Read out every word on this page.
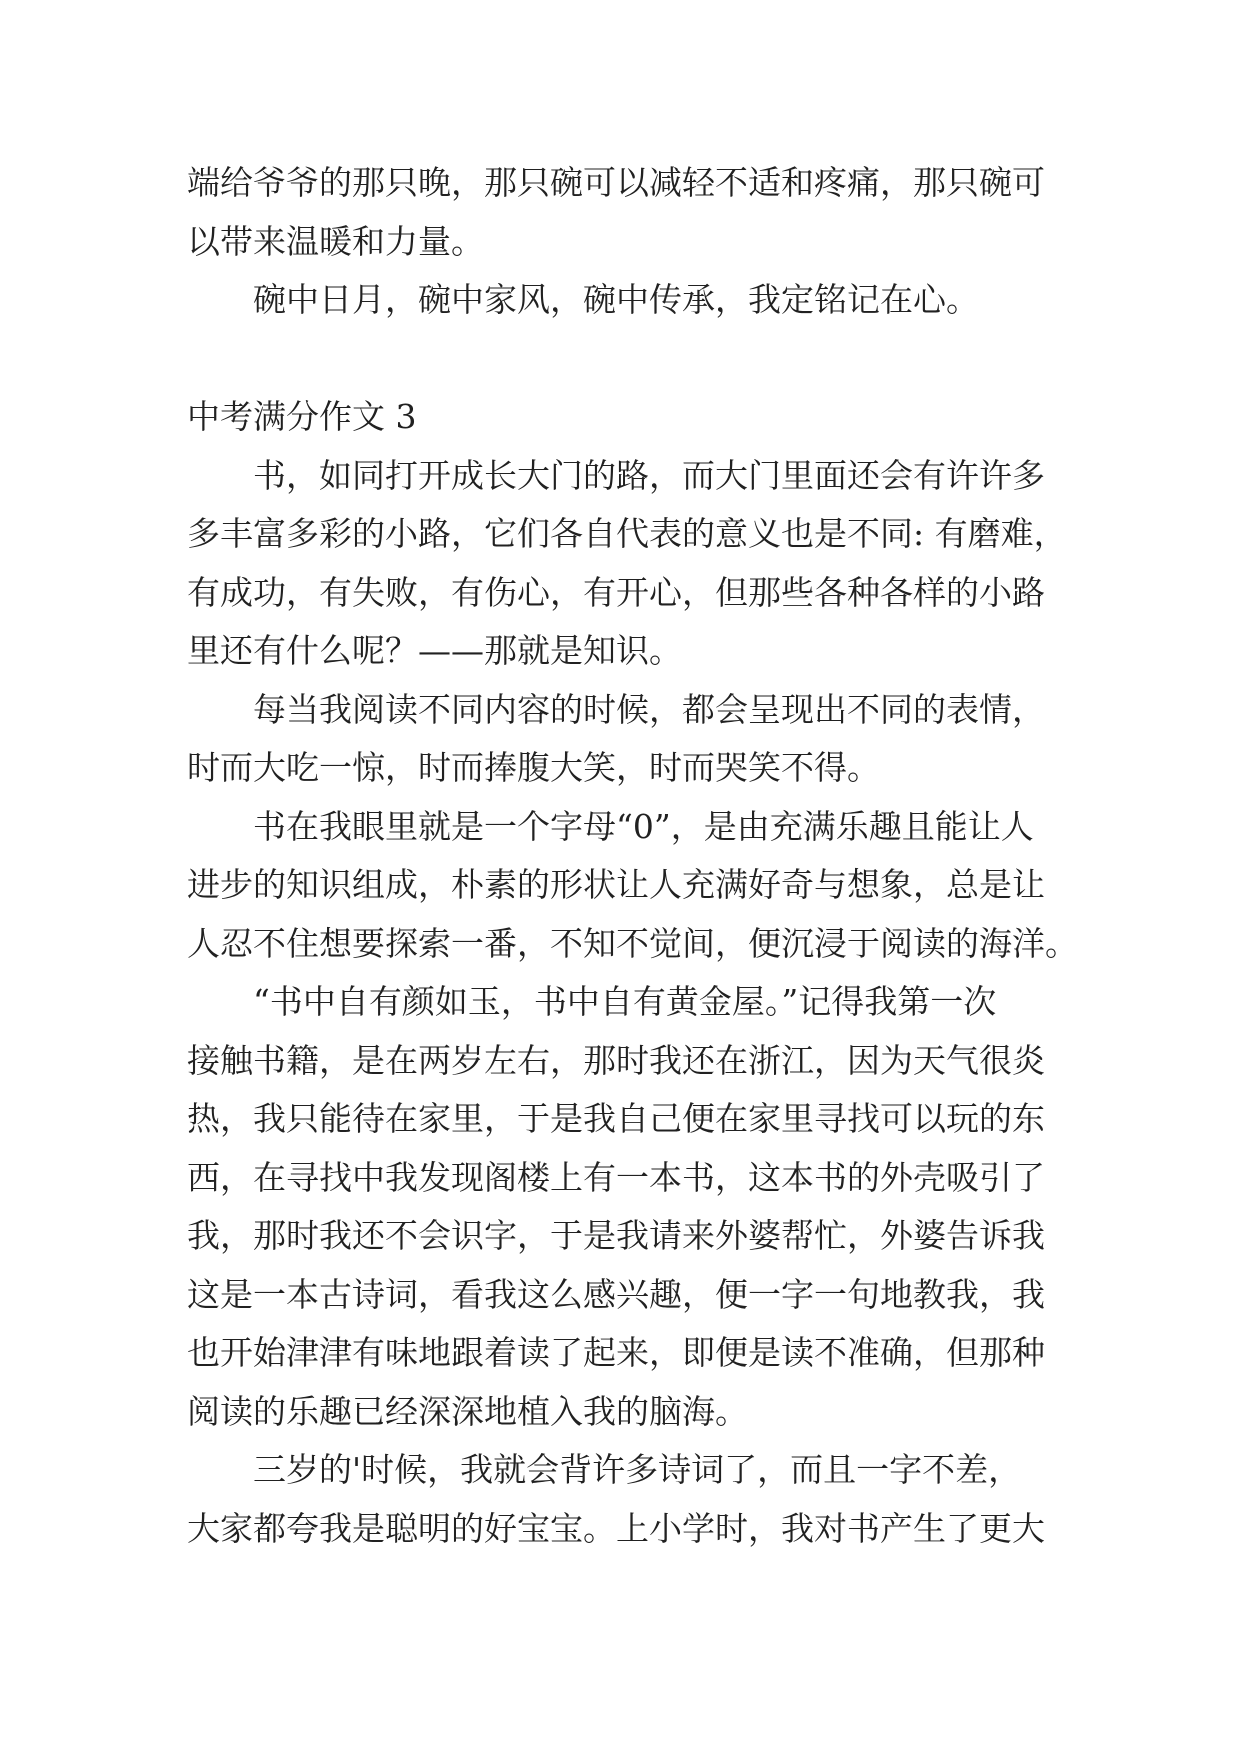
端给爷爷的那只晚，那只碗可以减轻不适和疼痛，那只碗可
以带来温暖和力量。
碗中日月，碗中家风，碗中传承，我定铭记在心。
中考满分作文 3
书，如同打开成长大门的路，而大门里面还会有许许多
多丰富多彩的小路，它们各自代表的意义也是不同: 有磨难，
有成功，有失败，有伤心，有开心，但那些各种各样的小路
里还有什么呢？——那就是知识。
每当我阅读不同内容的时候，都会呈现出不同的表情，
时而大吃一惊，时而捧腹大笑，时而哭笑不得。
书在我眼里就是一个字母“0”，是由充满乐趣且能让人
进步的知识组成，朴素的形状让人充满好奇与想象，总是让
人忍不住想要探索一番，不知不觉间，便沉浸于阅读的海洋。
“书中自有颜如玉，书中自有黄金屋。”记得我第一次
接触书籍，是在两岁左右，那时我还在浙江，因为天气很炎
热，我只能待在家里，于是我自己便在家里寻找可以玩的东
西，在寻找中我发现阁楼上有一本书，这本书的外壳吸引了
我，那时我还不会识字，于是我请来外婆帮忙，外婆告诉我
这是一本古诗词，看我这么感兴趣，便一字一句地教我，我
也开始津津有味地跟着读了起来，即便是读不准确，但那种
阅读的乐趣已经深深地植入我的脑海。
三岁的'时候，我就会背许多诗词了，而且一字不差，
大家都夸我是聪明的好宝宝。上小学时，我对书产生了更大
